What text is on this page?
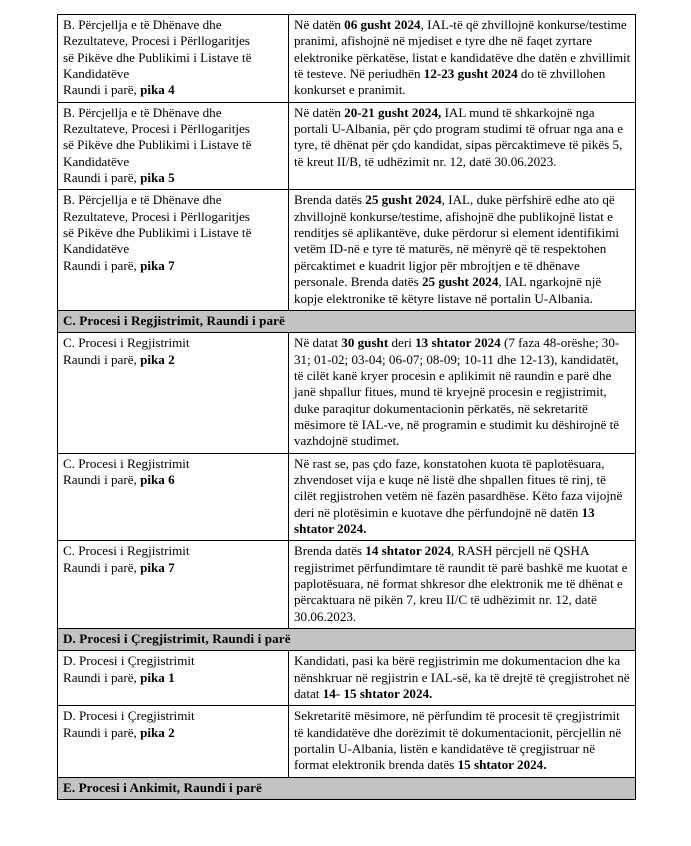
B. Përcjellja e të Dhënave dhe
Rezultateve, Procesi i Përllogaritjes
së Pikëve dhe Publikimi i Listave të
Kandidatëve
Raundi i parë, pika 4	Në datën 06 gusht 2024, IAL-të që zhvillojnë konkurse/testime pranimi, afishojnë në mjediset e tyre dhe në faqet zyrtare elektronike përkatëse, listat e kandidatëve dhe datën e zhvillimit të testeve. Në periudhën 12-23 gusht 2024 do të zhvillohen konkurset e pranimit.
B. Përcjellja e të Dhënave dhe
Rezultateve, Procesi i Përllogaritjes
së Pikëve dhe Publikimi i Listave të
Kandidatëve
Raundi i parë, pika 5	Në datën 20-21 gusht 2024, IAL mund të shkarkojnë nga portali U-Albania, për çdo program studimi të ofruar nga ana e tyre, të dhënat për çdo kandidat, sipas përcaktimeve të pikës 5, të kreut II/B, të udhëzimit nr. 12, datë 30.06.2023.
B. Përcjellja e të Dhënave dhe
Rezultateve, Procesi i Përllogaritjes
së Pikëve dhe Publikimi i Listave të
Kandidatëve
Raundi i parë, pika 7	Brenda datës 25 gusht 2024, IAL, duke përfshirë edhe ato që zhvillojnë konkurse/testime, afishojnë dhe publikojnë listat e renditjes së aplikantëve, duke përdorur si element identifikimi vetëm ID-në e tyre të maturës, në mënyrë që të respektohen përcaktimet e kuadrit ligjor për mbrojtjen e të dhënave personale. Brenda datës 25 gusht 2024, IAL ngarkojnë një kopje elektronike të këtyre listave në portalin U-Albania.
C. Procesi i Regjistrimit, Raundi i parë	
C. Procesi i Regjistrimit
Raundi i parë, pika 2	Në datat 30 gusht deri 13 shtator 2024 (7 faza 48-orëshe; 30-31; 01-02; 03-04; 06-07; 08-09; 10-11 dhe 12-13), kandidatët, të cilët kanë kryer procesin e aplikimit në raundin e parë dhe janë shpallur fitues, mund të kryejnë procesin e regjistrimit, duke paraqitur dokumentacionin përkatës, në sekretaritë mësimore të IAL-ve, në programin e studimit ku dëshirojnë të vazhdojnë studimet.
C. Procesi i Regjistrimit
Raundi i parë, pika 6	Në rast se, pas çdo faze, konstatohen kuota të paplotësuara, zhvendoset vija e kuqe në listë dhe shpallen fitues të rinj, të cilët regjistrohen vetëm në fazën pasardhëse. Këto faza vijojnë deri në plotësimin e kuotave dhe përfundojnë në datën 13 shtator 2024.
C. Procesi i Regjistrimit
Raundi i parë, pika 7	Brenda datës 14 shtator 2024, RASH përcjell në QSHA regjistrimet përfundimtare të raundit të parë bashkë me kuotat e paplotësuara, në format shkresor dhe elektronik me të dhënat e përcaktuara në pikën 7, kreu II/C të udhëzimit nr. 12, datë 30.06.2023.
D. Procesi i Çregjistrimit, Raundi i parë	
D. Procesi i Çregjistrimit
Raundi i parë, pika 1	Kandidati, pasi ka bërë regjistrimin me dokumentacion dhe ka nënshkruar në regjistrin e IAL-së, ka të drejtë të çregjistrohet në datat 14- 15 shtator 2024.
D. Procesi i Çregjistrimit
Raundi i parë, pika 2	Sekretaritë mësimore, në përfundim të procesit të çregjistrimit të kandidatëve dhe dorëzimit të dokumentacionit, përcjellin në portalin U-Albania, listën e kandidatëve të çregjistruar në format elektronik brenda datës 15 shtator 2024.
E. Procesi i Ankimit, Raundi i parë	
